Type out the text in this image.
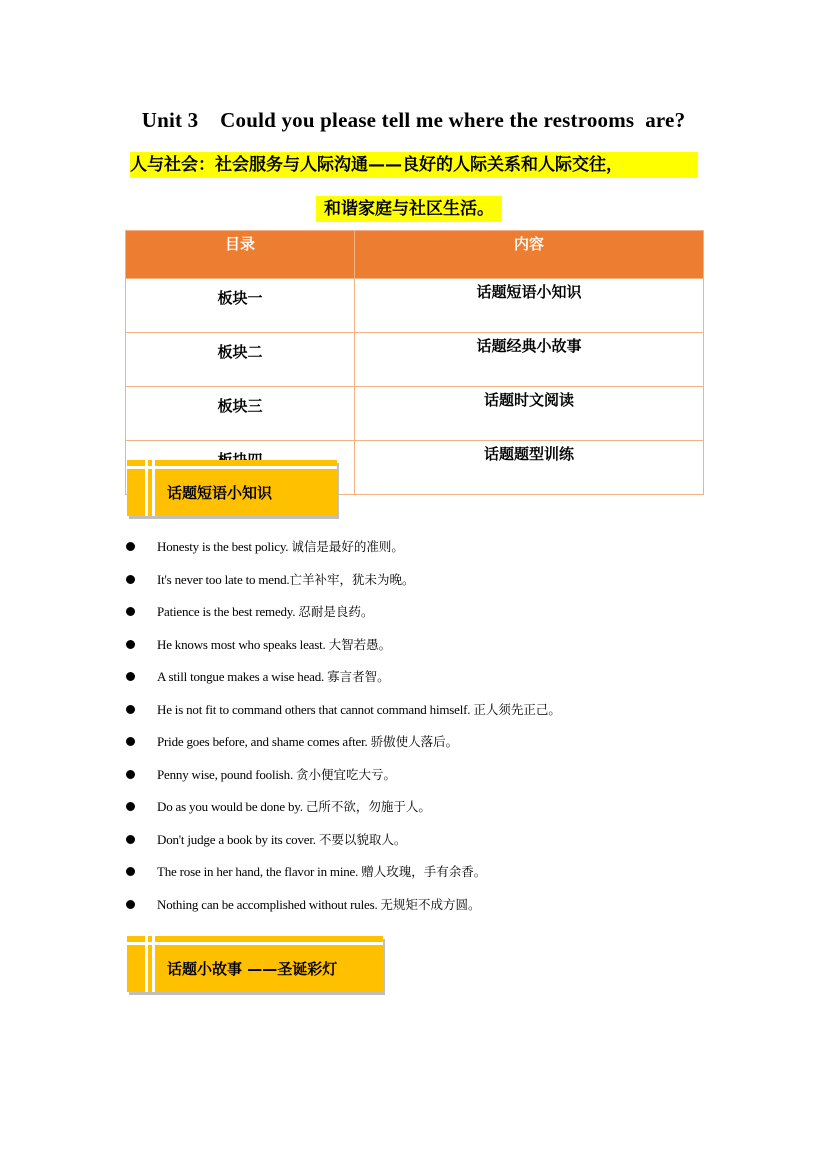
Unit 3    Could you please tell me where the restrooms  are?
人与社会：社会服务与人际沟通——良好的人际关系和人际交往，
和谐家庭与社区生活。
目录	内容
板块一	话题短语小知识
板块二	话题经典小故事
板块三	话题时文阅读
	话题题型训练
话题短语小知识
Honesty is the best policy. 诚信是最好的准则。
It's never too late to mend.亡羊补牢，犹未为晚。
Patience is the best remedy. 忍耐是良药。
He knows most who speaks least. 大智若愚。
A still tongue makes a wise head. 寡言者智。
He is not fit to command others that cannot command himself. 正人须先正己。
Pride goes before, and shame comes after. 骄傲使人落后。
Penny wise, pound foolish. 贪小便宜吃大亏。
Do as you would be done by. 己所不欲，勿施于人。
Don't judge a book by its cover. 不要以貌取人。
The rose in her hand, the flavor in mine. 赠人玫瑰，手有余香。
Nothing can be accomplished without rules. 无规矩不成方圆。
话题小故事 ——圣诞彩灯
